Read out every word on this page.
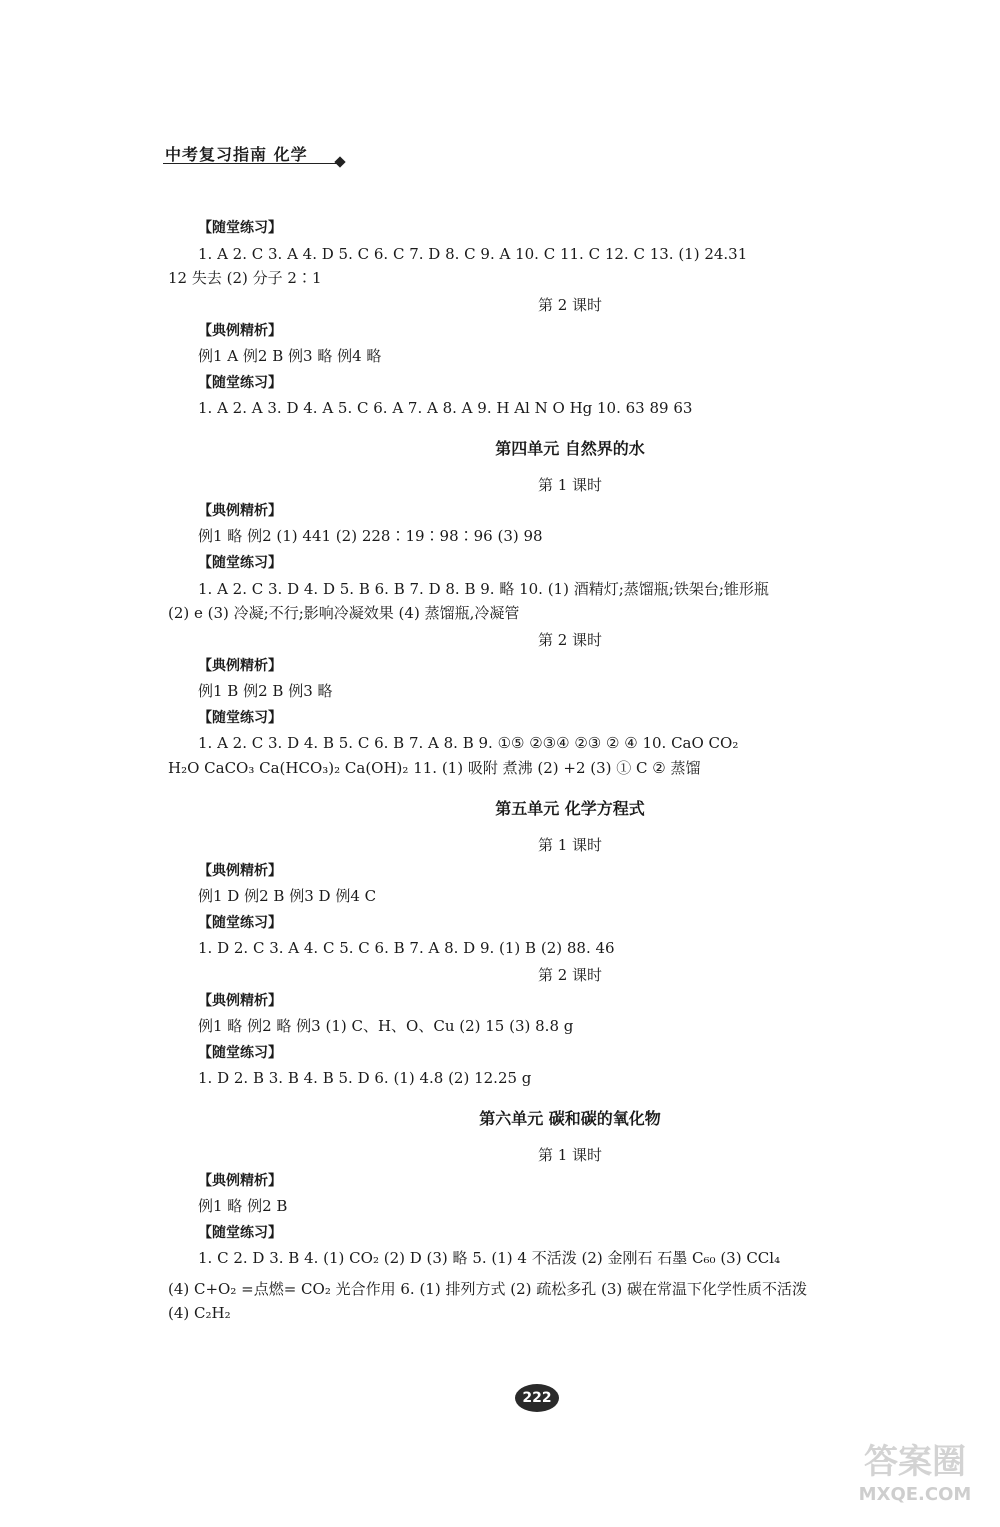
中考复习指南 化学
【随堂练习】
1. A 2. C 3. A 4. D 5. C 6. C 7. D 8. C 9. A 10. C 11. C 12. C 13. (1) 24.31
12 失去 (2) 分子 2∶1
【典例精析】
例1 A 例2 B 例3 略 例4 略
【随堂练习】
1. A 2. A 3. D 4. A 5. C 6. A 7. A 8. A 9. H Al N O Hg 10. 63 89 63
【典例精析】
例1 略 例2 (1) 441 (2) 228∶19∶98∶96 (3) 98
【随堂练习】
1. A 2. C 3. D 4. D 5. B 6. B 7. D 8. B 9. 略 10. (1) 酒精灯;蒸馏瓶;铁架台;锥形瓶
(2) e (3) 冷凝;不行;影响冷凝效果 (4) 蒸馏瓶,冷凝管
【典例精析】
例1 B 例2 B 例3 略
【随堂练习】
1. A 2. C 3. D 4. B 5. C 6. B 7. A 8. B 9. ①⑤ ②③④ ②③ ② ④ 10. CaO CO₂
H₂O CaCO₃ Ca(HCO₃)₂ Ca(OH)₂ 11. (1) 吸附 煮沸 (2) +2 (3) ① C ② 蒸馏
【典例精析】
例1 D 例2 B 例3 D 例4 C
【随堂练习】
1. D 2. C 3. A 4. C 5. C 6. B 7. A 8. D 9. (1) B (2) 88. 46
【典例精析】
例1 略 例2 略 例3 (1) C、H、O、Cu (2) 15 (3) 8.8 g
【随堂练习】
1. D 2. B 3. B 4. B 5. D 6. (1) 4.8 (2) 12.25 g
【典例精析】
例1 略 例2 B
【随堂练习】
1. C 2. D 3. B 4. (1) CO₂ (2) D (3) 略 5. (1) 4 不活泼 (2) 金刚石 石墨 C₆₀ (3) CCl₄
(4) C+O₂ =点燃= CO₂ 光合作用 6. (1) 排列方式 (2) 疏松多孔 (3) 碳在常温下化学性质不活泼
(4) C₂H₂
第四单元 自然界的水
第五单元 化学方程式
第六单元 碳和碳的氧化物
第 2 课时
第 1 课时
第 2 课时
第 1 课时
第 2 课时
第 1 课时
222
答案圈
MXQE.COM
